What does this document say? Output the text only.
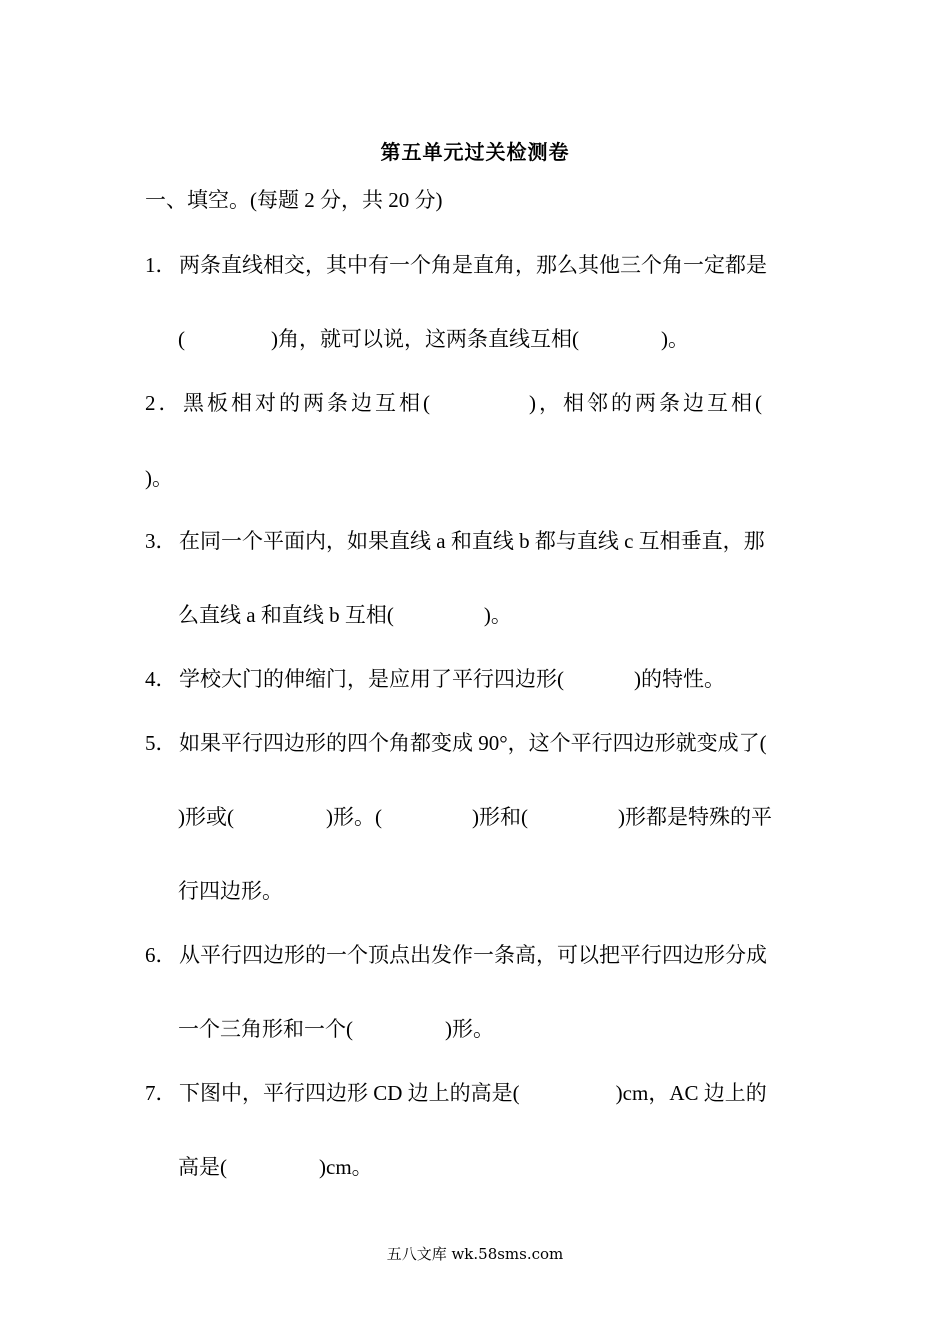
第五单元过关检测卷
一、填空。(每题 2 分，共 20 分)
1． 两条直线相交，其中有一个角是直角，那么其他三个角一定都是
(	)角，就可以说，这两条直线互相(	)。
2．黑板相对的两条边互相(	)，相邻的两条边互相(
)。
3． 在同一个平面内，如果直线 a 和直线 b 都与直线 c 互相垂直，那
么直线 a 和直线 b 互相(	)。
4． 学校大门的伸缩门，是应用了平行四边形(	)的特性。
5． 如果平行四边形的四个角都变成 90°，这个平行四边形就变成了(
)形或(	)形。(	)形和(	)形都是特殊的平
行四边形。
6． 从平行四边形的一个顶点出发作一条高，可以把平行四边形分成
一个三角形和一个(	)形。
7． 下图中，平行四边形 CD 边上的高是(	)cm，AC 边上的
高是(	)cm。
五八文库 wk.58sms.com
